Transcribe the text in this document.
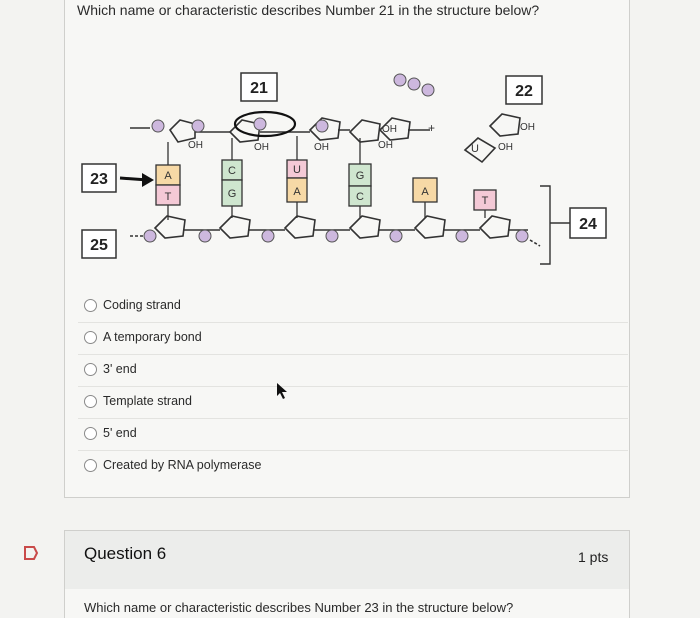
Which name or characteristic describes Number 21 in the structure below?
A
T
C
G
U
A
G
C	A
T
U
OH	OH	OH
OH
OH
OH
OH
+
21	22
23
25
24
Coding strand
A temporary bond
3' end
Template strand
5' end
Created by RNA polymerase
Question 6	1 pts
Which name or characteristic describes Number 23 in the structure below?
